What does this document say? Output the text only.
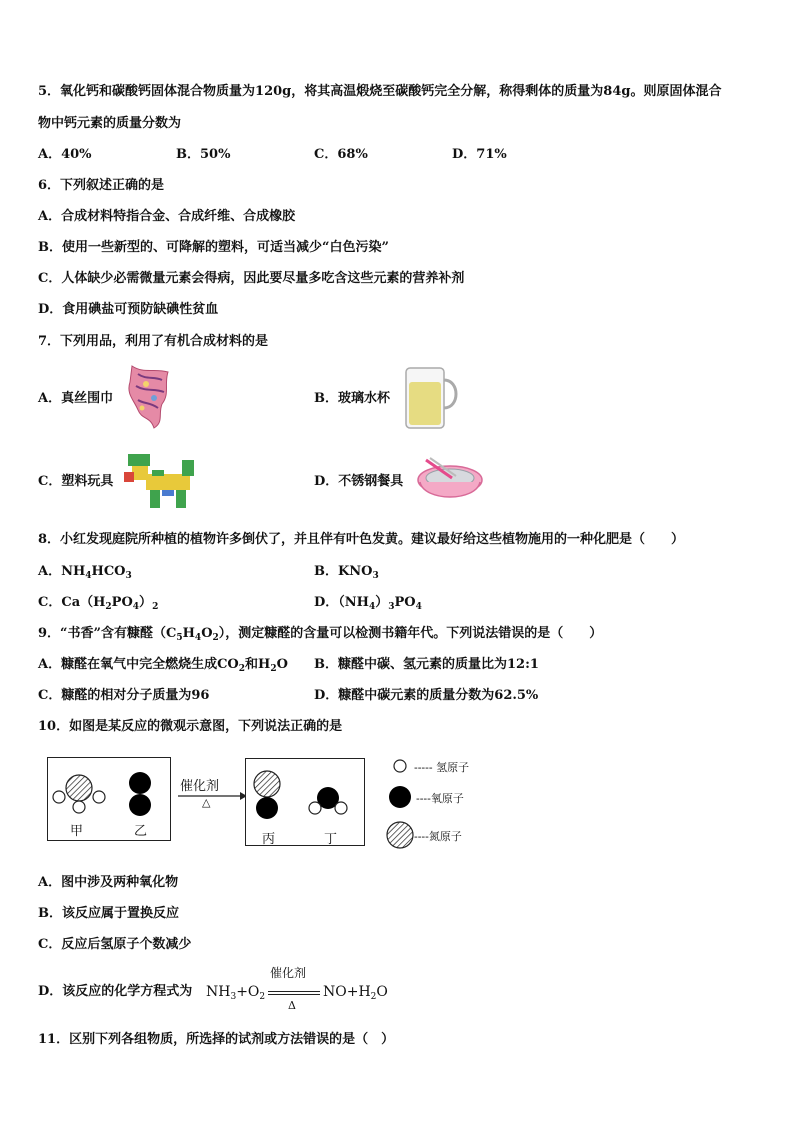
5．氧化钙和碳酸钙固体混合物质量为120g，将其高温煅烧至碳酸钙完全分解，称得剩体的质量为84g。则原固体混合
物中钙元素的质量分数为
A．40%	B．50%	C．68%	D．71%
6．下列叙述正确的是
A．合成材料特指合金、合成纤维、合成橡胶
B．使用一些新型的、可降解的塑料，可适当减少“白色污染”
C．人体缺少必需微量元素会得病，因此要尽量多吃含这些元素的营养补剂
D．食用碘盐可预防缺碘性贫血
7．下列用品，利用了有机合成材料的是
A．真丝围巾	B．玻璃水杯
C．塑料玩具	D．不锈钢餐具
8．小红发现庭院所种植的植物许多倒伏了，并且伴有叶色发黄。建议最好给这些植物施用的一种化肥是（　　）
A．$NH_4HCO_3$	B．$KNO_3$
C．$Ca(H_2PO_4)_2$	D．$(NH_4)_3PO_4$
9．“书香”含有糠醛$(C_5H_4O_2)$，测定糠醛的含量可以检测书籍年代。下列说法错误的是（　　）
A．糠醛在氧气中完全燃烧生成$CO_2$和$H_2O$ B．糠醛中碳、氢元素的质量比为12:1
C．糠醛的相对分子质量为96	D．糠醛中碳元素的质量分数为62.5%
10．如图是某反应的微观示意图，下列说法正确的是
甲	乙
催化剂
△
丙	丁
----- 氢原子
----氧原子
----氮原子
A．图中涉及两种氧化物
B．该反应属于置换反应
C．反应后氢原子个数减少
D．该反应的化学方程式为 $NH_3+O_2$
催化剂
Δ
$NO+H_2O$
11．区别下列各组物质，所选择的试剂或方法错误的是（　）
